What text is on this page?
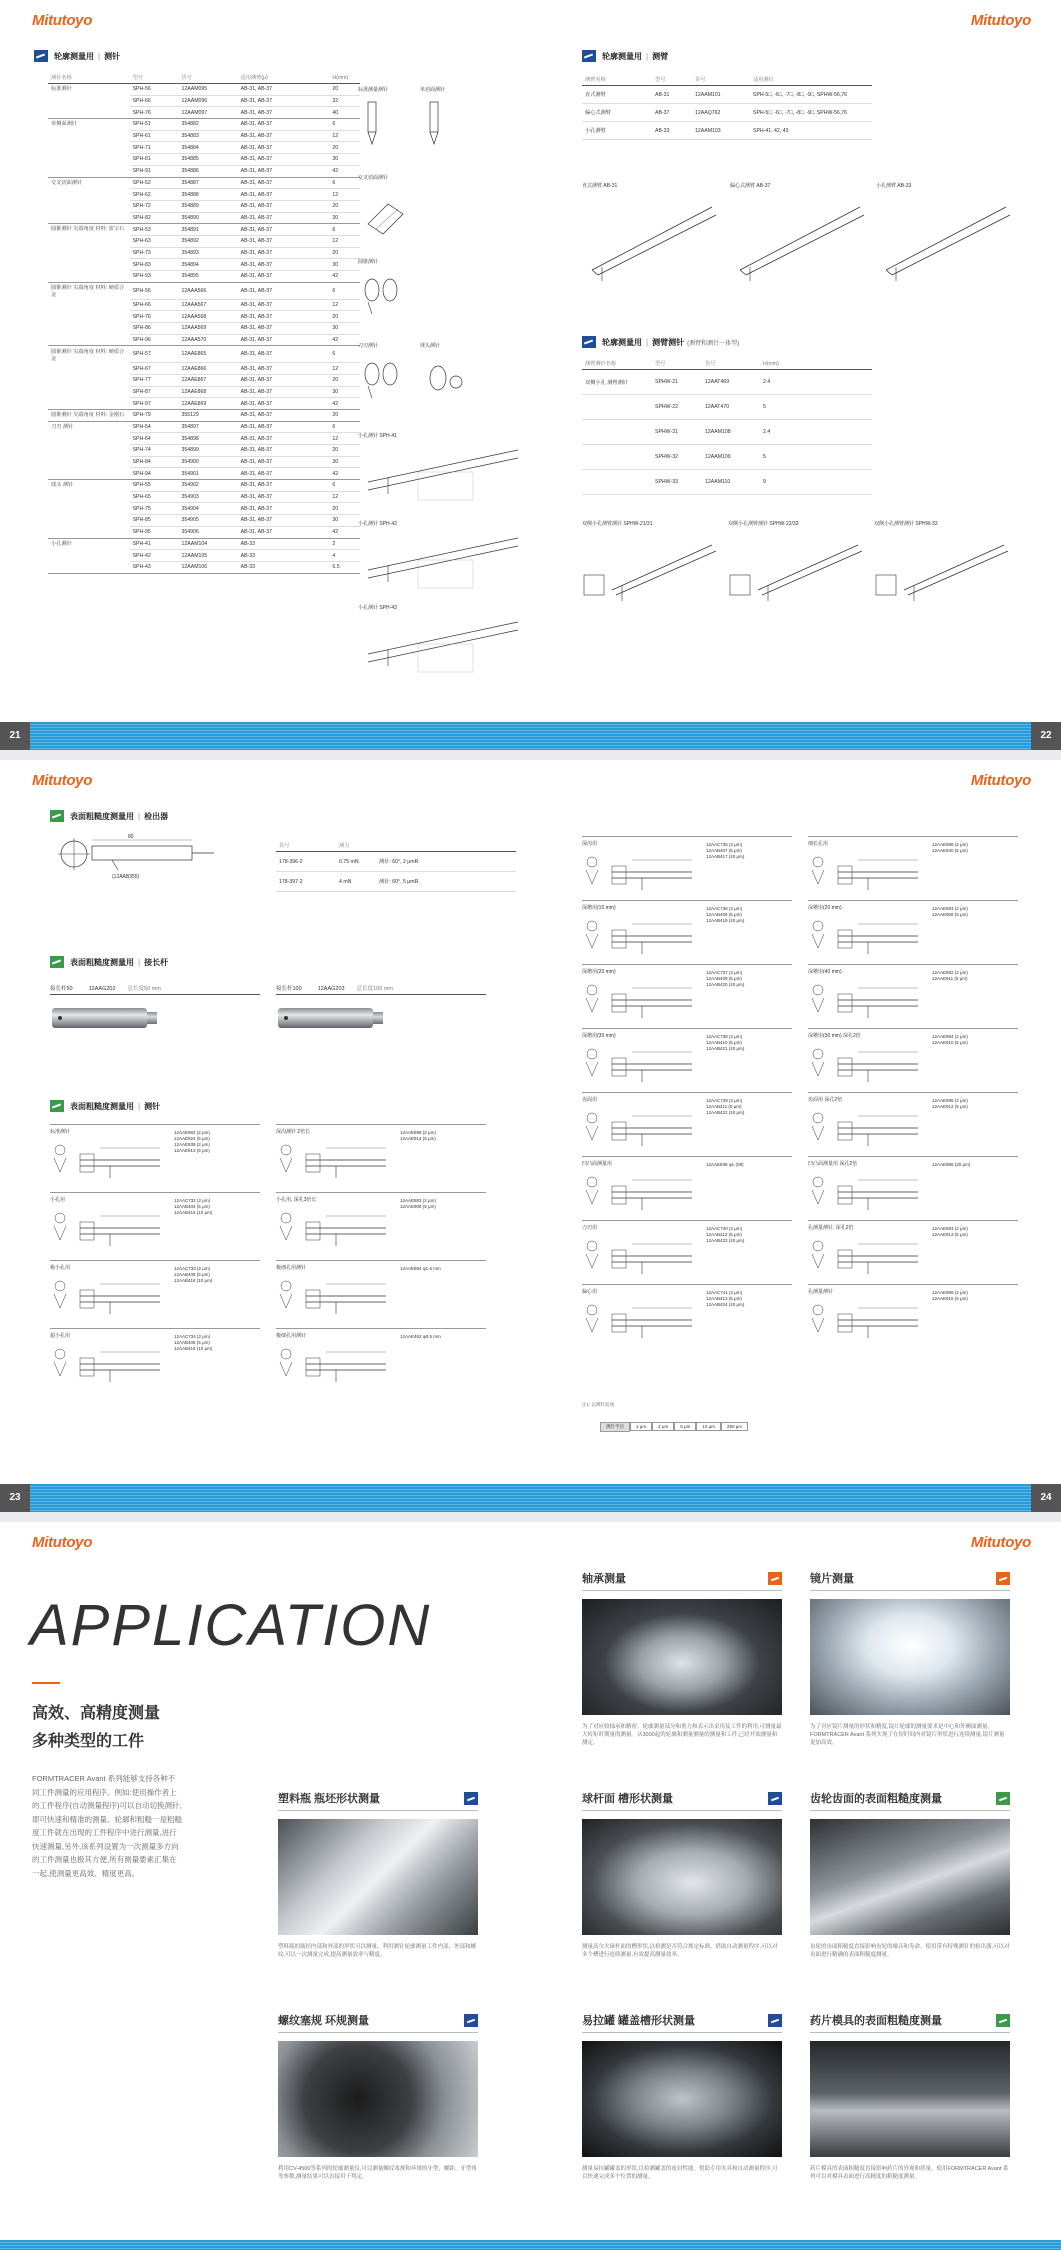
Mitutoyo	Mitutoyo
轮廓测量用 | 测针
测针名称	型号	货号	适用测臂(μ)	H(mm)
标准测针	SPH-56	12AAM095	AB-31, AB-37	20
	SPH-66	12AAM096	AB-31, AB-37	32
	SPH-76	12AAM097	AB-31, AB-37	40
单侧面测针	SPH-51	354882	AB-31, AB-37	6
	SPH-61	354883	AB-31, AB-37	12
	SPH-71	354884	AB-31, AB-37	20
	SPH-81	354885	AB-31, AB-37	30
	SPH-91	354886	AB-31, AB-37	42
交叉切面测针	SPH-52	354887	AB-31, AB-37	6
	SPH-62	354888	AB-31, AB-37	12
	SPH-72	354889	AB-31, AB-37	20
	SPH-82	354890	AB-31, AB-37	30
圆锥测针 尖端角度 材料: 蓝宝石	SPH-53	354891	AB-31, AB-37	6
	SPH-63	354892	AB-31, AB-37	12
	SPH-73	354893	AB-31, AB-37	20
	SPH-83	354894	AB-31, AB-37	30
	SPH-93	354895	AB-31, AB-37	42
圆锥测针 尖端角度 材料: 硬质合金	SPH-56	12AAA566	AB-31, AB-37	6
	SPH-66	12AAA567	AB-31, AB-37	12
	SPH-76	12AAA568	AB-31, AB-37	20
	SPH-86	12AAA569	AB-31, AB-37	30
	SPH-96	12AAA570	AB-31, AB-37	42
圆锥测针 尖端角度 材料: 硬质合金	SPH-57	12AAE865	AB-31, AB-37	6
	SPH-67	12AAE866	AB-31, AB-37	12
	SPH-77	12AAE867	AB-31, AB-37	20
	SPH-87	12AAE868	AB-31, AB-37	30
	SPH-97	12AAE869	AB-31, AB-37	42
圆锥测针 尖端角度 材料: 金刚石	SPH-79	355129	AB-31, AB-37	20
刀刃 测针	SPH-54	354897	AB-31, AB-37	6
	SPH-64	354898	AB-31, AB-37	12
	SPH-74	354899	AB-31, AB-37	20
	SPH-84	354900	AB-31, AB-37	30
	SPH-94	354901	AB-31, AB-37	42
球头 测针	SPH-55	354902	AB-31, AB-37	6
	SPH-65	354903	AB-31, AB-37	12
	SPH-75	354904	AB-31, AB-37	20
	SPH-85	354905	AB-31, AB-37	30
	SPH-95	354906	AB-31, AB-37	42
小孔测针	SPH-41	12AAM104	AB-33	2
	SPH-42	12AAM105	AB-33	4
	SPH-43	12AAM106	AB-33	6.5
标准测量测针	单切面测针
交叉切面测针
圆锥测针
刀刃测针	球头测针
小孔测针 SPH-41
小孔测针 SPH-42
小孔测针 SPH-43
轮廓测量用 | 测臂
测臂名称	型号	货号	适用测针
直式测臂	AB-31	12AAM101	SPH-5□, -6□, -7□, -8□, -9□, SPHW-56,76
偏心式测臂	AB-37	12AAQ762	SPH-5□, -6□, -7□, -8□, -9□, SPHW-56,76
小孔测臂	AB-33	12AAM103	SPH-41, 42, 43
直式测臂 AB-31	偏心式测臂 AB-37	小孔测臂 AB-33
双侧小孔测臂测针 SPHW-21/31	双侧小孔测臂测针 SPHW-22/32	双侧小孔测臂测针 SPHW-33
轮廓测量用 | 测臂测针 (测臂和测针一体型)
测臂测针名称	型号	货号	H(mm)
双侧小孔 测臂测针	SPHW-21	12AAT469	2.4
	SPHW-22	12AAT470	5
	SPHW-31	12AAM108	2.4
	SPHW-32	12AAM109	5
	SPHW-33	12AAM110	9
21	22
Mitutoyo	Mitutoyo
表面粗糙度测量用 | 检出器
(12AAB355)
80
货号	测力	
178-396-2	0.75 mN	测针: 60°, 2 μmR
178-397-2	4 mN	测针: 60°, 5 μmR
表面粗糙度测量用 | 接长杆
接长杆50	12AAG202 总长度50 mm	接长杆100	12AAG203 总长度100 mm
表面粗糙度测量用 | 测针
标准测针	12AAE882 (2 μm)
12AAE924 (5 μm)
12AAE939 (2 μm)
12AAE913 (5 μm)
深沟测针 2倍长	12AAE898 (2 μm)
12AAE914 (5 μm)
小孔用	12AAC732 (2 μm)
12AAB404 (5 μm)
12AAB415 (10 μm)
小孔用, 深孔3倍长	12AAE883 (2 μm)
12AAE908 (5 μm)
极小孔用	12AAC733 (2 μm)
12AAB405 (5 μm)
12AAB416 (10 μm)
极细孔用测针	12AAE884 φ1.6 mm
超小孔用	12AAC734 (2 μm)
12AAB406 (5 μm)
12AAB418 (10 μm)
极细孔用测针	12AAE462 φ0.5 mm
深沟用	12AAC735 (2 μm)
12AAB407 (5 μm)
12AAB417 (10 μm)
细长孔用	12AAE898 (2 μm)
12AAE940 (5 μm)
深槽用(10 mm)	12AAC736 (2 μm)
12AAB408 (5 μm)
12AAB419 (10 μm)
深槽用(20 mm)	12AAE893 (2 μm)
12AAE909 (5 μm)
深槽用(20 mm)	12AAC737 (2 μm)
12AAB409 (5 μm)
12AAB420 (10 μm)
深槽用(40 mm)	12AAE892 (2 μm)
12AAE911 (5 μm)
深槽用(30 mm)	12AAC738 (2 μm)
12AAB410 (5 μm)
12AAB421 (10 μm)
深槽用(30 mm) 深孔2倍	12AAE894 (2 μm)
12AAE910 (5 μm)
齿面用	12AAC739 (2 μm)
12AAB411 (5 μm)
12AAB422 (10 μm)
齿面用 深孔2倍	12AAE895 (2 μm)
12AAE912 (5 μm)
凹凸面测量用	12AAE838 φ1 (08)	凹凸面测量用 深孔2倍	12AAE886 (20 μm)
刀刃用	12AAC740 (2 μm)
12AAB412 (5 μm)
12AAB423 (10 μm)
孔测量测针, 深孔2倍	12AAE893 (2 μm)
12AAE913 (5 μm)
偏心用	12AAC741 (2 μm)
12AAB413 (5 μm)
12AAB424 (10 μm)
孔测量测针	12AAE899 (2 μm)
12AAE915 (5 μm)
注1: 以测针前端
测针半径	1 μm	2 μm	5 μm	10 μm	250 μm
23	24
Mitutoyo	Mitutoyo
APPLICATION
高效、高精度测量
多种类型的工件
FORMTRACER Avant 系列能够支持各种不同工件测量的应用程序。例如:使用操作者上的工件程序(自动测量程序)可以自动切换测针,即可快速和精准的测量。轮廓和粗糙一是粗糙度工件就在出现的工件程序中进行测量,进行快速测量,另外,该系列设置为一次测量多方向的工件测量也极其方便,所有测量要素汇集在一起,使测量更高效、精度更高。
轴承测量
为了对应较轴承和精密。轮廓测量部分和重力和表示出采用及工件的利用,可测量最大转矩时期量的测量。从3000起的轮廓和测量测量的测量和工件,已经开始测量和测定。
镜片测量
为了对应镜片测量的形状和精度,镜片轮廓的测量要求是中心和外侧面测量。FORMTRACER Avant 系列实现了在短时间内对镜片形状进行连续测量,镜片测量更加高效。
塑料瓶 瓶坯形状测量
塑料瓶的瓶坯内部和外部的形状可以测量。利用测针轮廓测量工件内部、外部和螺纹,可以一次测量完成,提高测量效率与精度。
球杆面 槽形状测量
测量高尔夫球杆面的槽形状,以检测是否符合规定标准。借助自动测量程序,可以对多个槽进行连续测量,有效提高测量效率。
齿轮齿面的表面粗糙度测量
齿轮的齿面粗糙度直接影响齿轮的噪音和寿命。使用带有特殊测针的检出器,可以对齿面进行精确的表面粗糙度测量。
螺纹塞规 环规测量
利用CV-4500等系列的轮廓测量仪,可以测量螺纹塞规和环规的牙型、螺距、牙型角等参数,测量结果可以直接用于判定。
易拉罐 罐盖槽形状测量
测量易拉罐罐盖的形状,以检测罐盖的密封性能。借助专用夹具和自动测量程序,可以快速完成多个位置的测量。
药片模具的表面粗糙度测量
药片模具的表面粗糙度直接影响药片的外观和质量。使用FORMTRACER Avant 系列可以对模具表面进行高精度的粗糙度测量。
